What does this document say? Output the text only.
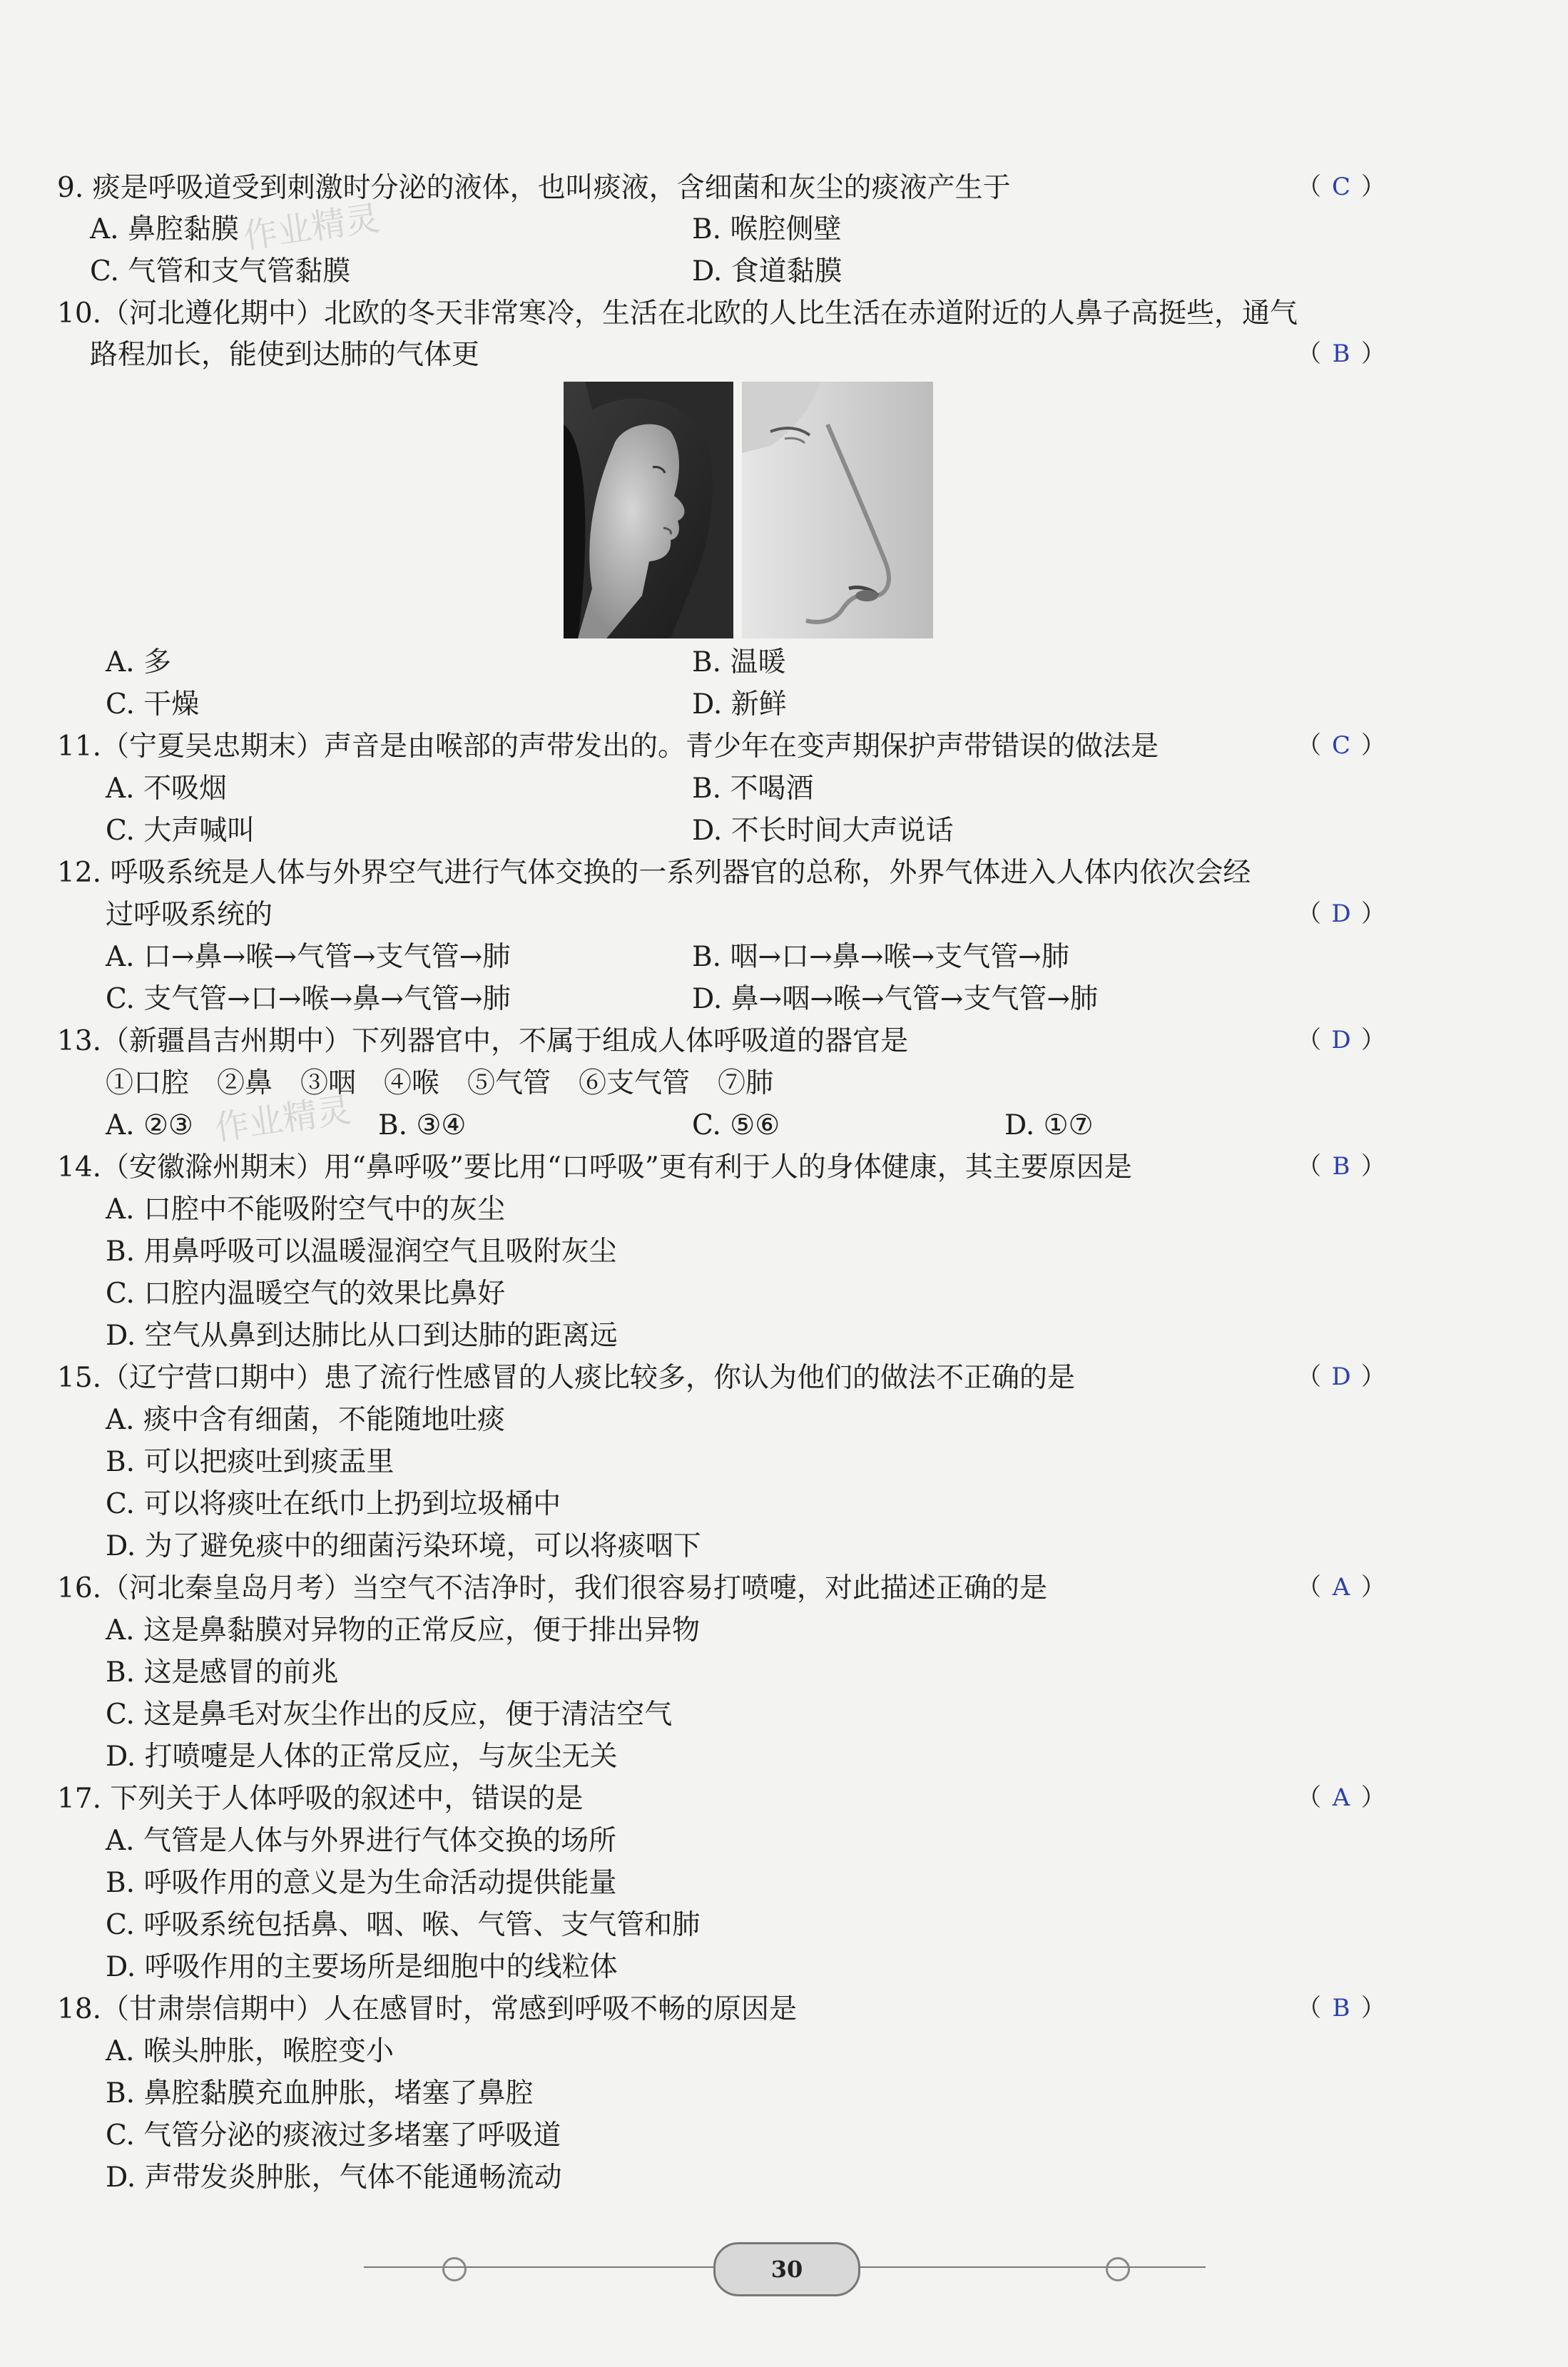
9. 痰是呼吸道受到刺激时分泌的液体，也叫痰液，含细菌和灰尘的痰液产生于	（ C ）
A. 鼻腔黏膜	B. 喉腔侧壁
C. 气管和支气管黏膜	D. 食道黏膜
作业精灵
10.（河北遵化期中）北欧的冬天非常寒冷，生活在北欧的人比生活在赤道附近的人鼻子高挺些，通气
路程加长，能使到达肺的气体更	（ B ）
A. 多	B. 温暖
C. 干燥	D. 新鲜
11.（宁夏吴忠期末）声音是由喉部的声带发出的。青少年在变声期保护声带错误的做法是	（ C ）
A. 不吸烟	B. 不喝酒
C. 大声喊叫	D. 不长时间大声说话
12. 呼吸系统是人体与外界空气进行气体交换的一系列器官的总称，外界气体进入人体内依次会经
过呼吸系统的	（ D ）
A. 口→鼻→喉→气管→支气管→肺	B. 咽→口→鼻→喉→支气管→肺
C. 支气管→口→喉→鼻→气管→肺	D. 鼻→咽→喉→气管→支气管→肺
13.（新疆昌吉州期中）下列器官中，不属于组成人体呼吸道的器官是	（ D ）
①口腔　②鼻　③咽　④喉　⑤气管　⑥支气管　⑦肺
A. ②③	B. ③④	C. ⑤⑥	D. ①⑦
作业精灵
14.（安徽滁州期末）用“鼻呼吸”要比用“口呼吸”更有利于人的身体健康，其主要原因是	（ B ）
A. 口腔中不能吸附空气中的灰尘
B. 用鼻呼吸可以温暖湿润空气且吸附灰尘
C. 口腔内温暖空气的效果比鼻好
D. 空气从鼻到达肺比从口到达肺的距离远
15.（辽宁营口期中）患了流行性感冒的人痰比较多，你认为他们的做法不正确的是	（ D ）
A. 痰中含有细菌，不能随地吐痰
B. 可以把痰吐到痰盂里
C. 可以将痰吐在纸巾上扔到垃圾桶中
D. 为了避免痰中的细菌污染环境，可以将痰咽下
16.（河北秦皇岛月考）当空气不洁净时，我们很容易打喷嚏，对此描述正确的是	（ A ）
A. 这是鼻黏膜对异物的正常反应，便于排出异物
B. 这是感冒的前兆
C. 这是鼻毛对灰尘作出的反应，便于清洁空气
D. 打喷嚏是人体的正常反应，与灰尘无关
17. 下列关于人体呼吸的叙述中，错误的是	（ A ）
A. 气管是人体与外界进行气体交换的场所
B. 呼吸作用的意义是为生命活动提供能量
C. 呼吸系统包括鼻、咽、喉、气管、支气管和肺
D. 呼吸作用的主要场所是细胞中的线粒体
18.（甘肃崇信期中）人在感冒时，常感到呼吸不畅的原因是	（ B ）
A. 喉头肿胀，喉腔变小
B. 鼻腔黏膜充血肿胀，堵塞了鼻腔
C. 气管分泌的痰液过多堵塞了呼吸道
D. 声带发炎肿胀，气体不能通畅流动
30
